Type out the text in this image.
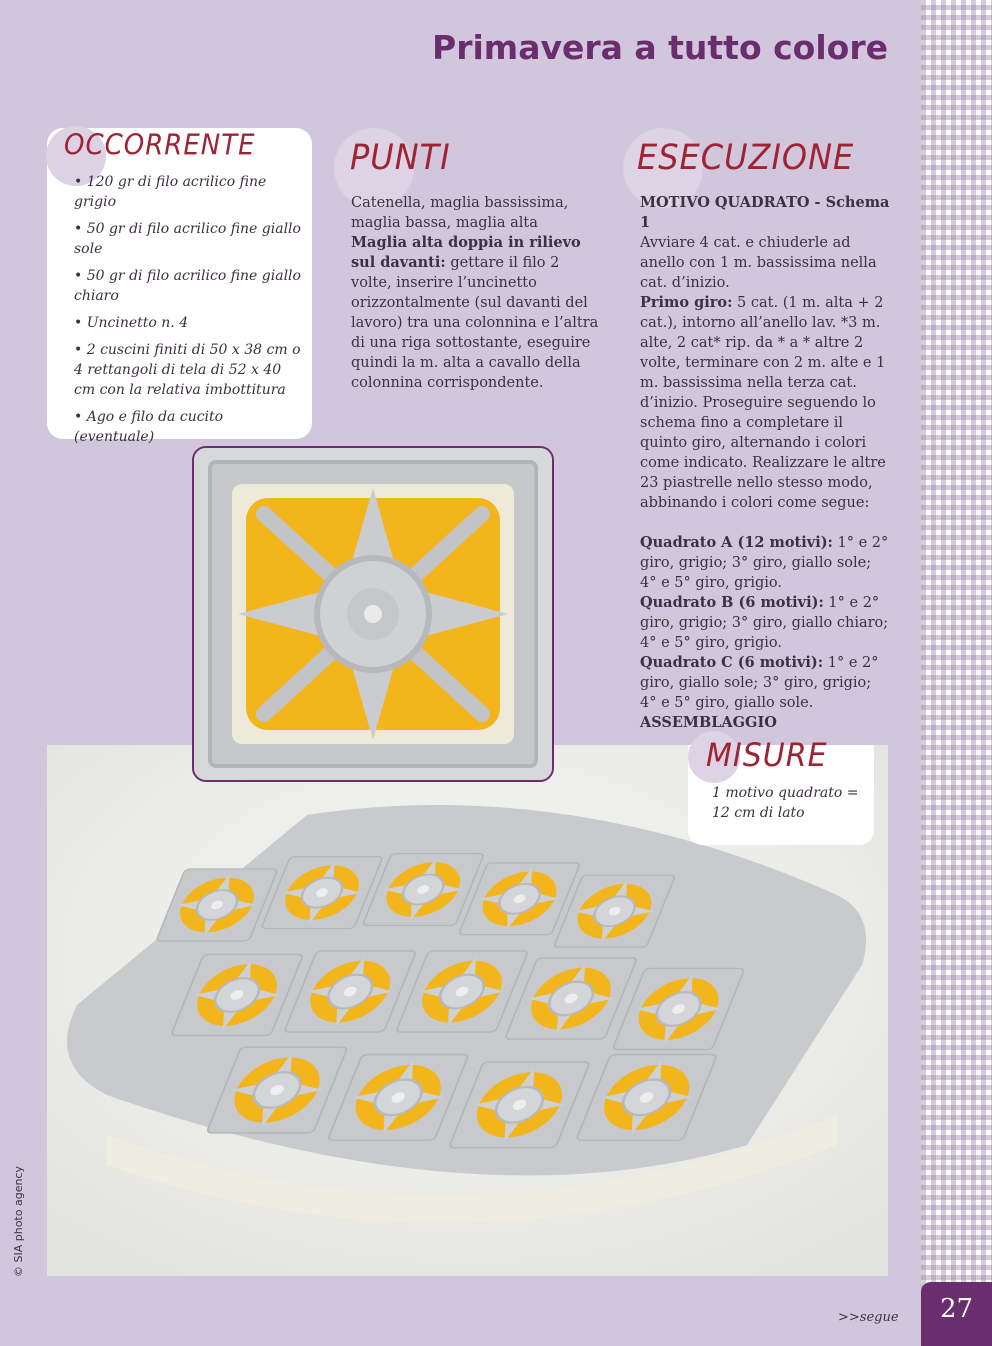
Primavera a tutto colore
OCCORRENTE
• 120 gr di filo acrilico fine grigio
• 50 gr di filo acrilico fine giallo sole
• 50 gr di filo acrilico fine giallo chiaro
• Uncinetto n. 4
• 2 cuscini finiti di 50 x 38 cm o 4 rettangoli di tela di 52 x 40 cm con la relativa imbottitura
• Ago e filo da cucito (eventuale)
PUNTI
Catenella, maglia bassissima, maglia bassa, maglia alta
Maglia alta doppia in rilievo sul davanti: gettare il filo 2 volte, inserire l’uncinetto orizzontalmente (sul davanti del lavoro) tra una colonnina e l’altra di una riga sottostante, eseguire quindi la m. alta a cavallo della colonnina corrispondente.
ESECUZIONE
MOTIVO QUADRATO - Schema 1
Avviare 4 cat. e chiuderle ad anello con 1 m. bassissima nella cat. d’inizio.
Primo giro: 5 cat. (1 m. alta + 2 cat.), intorno all’anello lav. *3 m. alte, 2 cat* rip. da * a * altre 2 volte, terminare con 2 m. alte e 1 m. bassissima nella terza cat. d’inizio. Proseguire seguendo lo schema fino a completare il quinto giro, alternando i colori come indicato. Realizzare le altre 23 piastrelle nello stesso modo, abbinando i colori come segue:

Quadrato A (12 motivi): 1° e 2° giro, grigio; 3° giro, giallo sole; 4° e 5° giro, grigio.
Quadrato B (6 motivi): 1° e 2° giro, grigio; 3° giro, giallo chiaro; 4° e 5° giro, grigio.
Quadrato C (6 motivi): 1° e 2° giro, giallo sole; 3° giro, grigio; 4° e 5° giro, giallo sole.
ASSEMBLAGGIO
MISURE
1 motivo quadrato = 12 cm di lato
© SIA photo agency
>>segue	27
